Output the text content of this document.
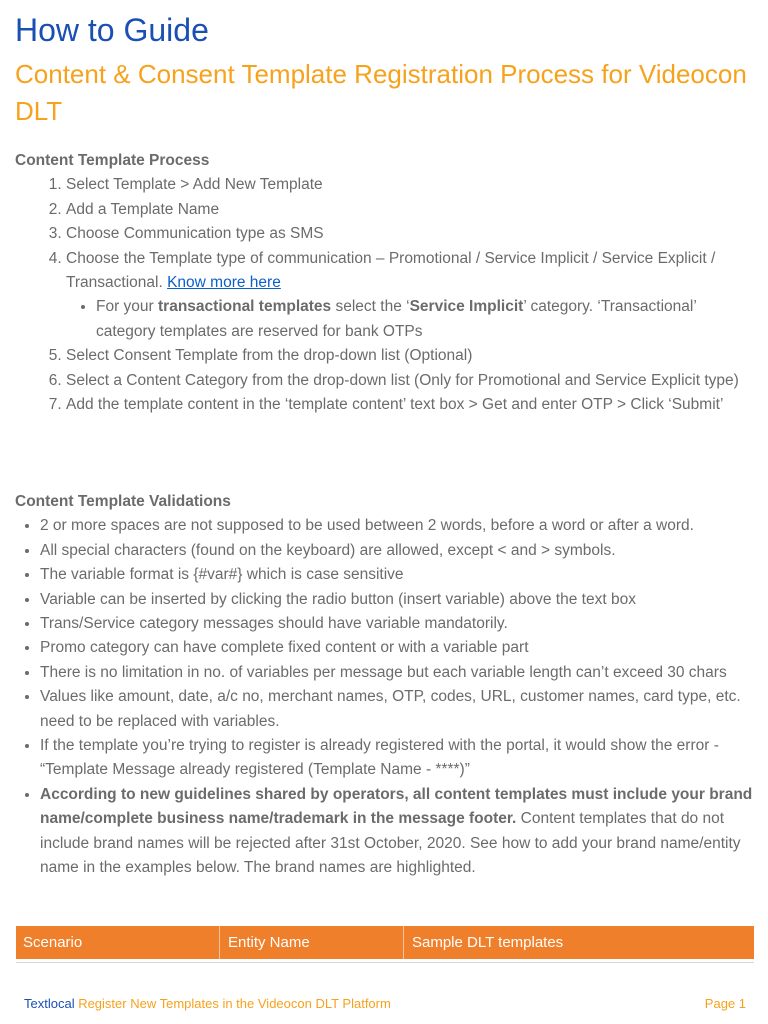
How to Guide
Content & Consent Template Registration Process for Videocon DLT
Content Template Process
1. Select Template > Add New Template
2. Add a Template Name
3. Choose Communication type as SMS
4. Choose the Template type of communication – Promotional / Service Implicit / Service Explicit / Transactional. Know more here
• For your transactional templates select the ‘Service Implicit’ category. ‘Transactional’ category templates are reserved for bank OTPs
5. Select Consent Template from the drop-down list (Optional)
6. Select a Content Category from the drop-down list (Only for Promotional and Service Explicit type)
7. Add the template content in the ‘template content’ text box > Get and enter OTP > Click ‘Submit’
Content Template Validations
• 2 or more spaces are not supposed to be used between 2 words, before a word or after a word.
• All special characters (found on the keyboard) are allowed, except < and > symbols.
• The variable format is {#var#} which is case sensitive
• Variable can be inserted by clicking the radio button (insert variable) above the text box
• Trans/Service category messages should have variable mandatorily.
• Promo category can have complete fixed content or with a variable part
• There is no limitation in no. of variables per message but each variable length can’t exceed 30 chars
• Values like amount, date, a/c no, merchant names, OTP, codes, URL, customer names, card type, etc. need to be replaced with variables.
• If the template you’re trying to register is already registered with the portal, it would show the error - “Template Message already registered (Template Name - ****)”
• According to new guidelines shared by operators, all content templates must include your brand name/complete business name/trademark in the message footer. Content templates that do not include brand names will be rejected after 31st October, 2020. See how to add your brand name/entity name in the examples below. The brand names are highlighted.
Scenario	Entity Name	Sample DLT templates
Textlocal Register New Templates in the Videocon DLT Platform	Page 1
